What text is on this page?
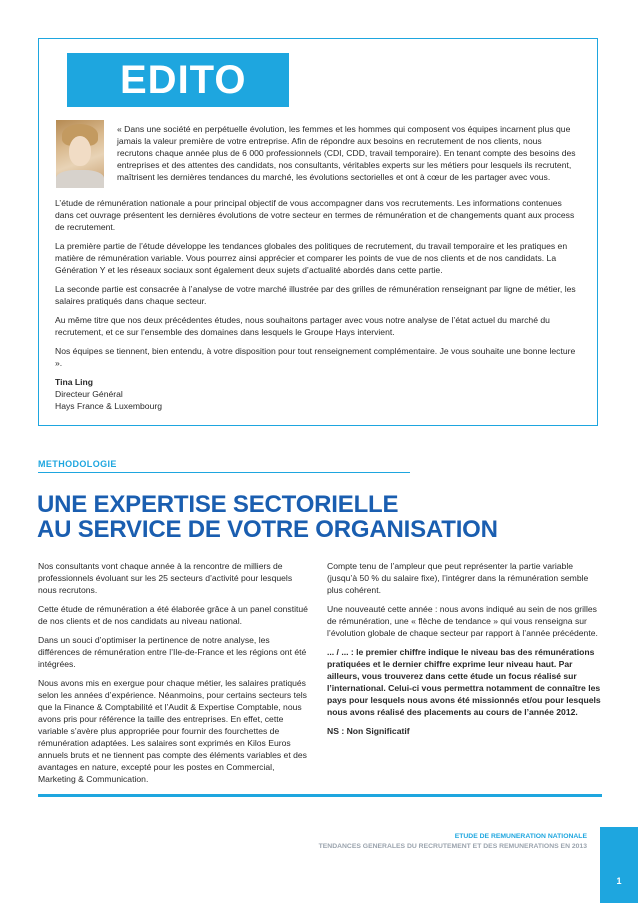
EDITO
« Dans une société en perpétuelle évolution, les femmes et les hommes qui composent vos équipes incarnent plus que jamais la valeur première de votre entreprise. Afin de répondre aux besoins en recrutement de nos clients, nous recrutons chaque année plus de 6 000 professionnels (CDI, CDD, travail temporaire). En tenant compte des besoins des entreprises et des attentes des candidats, nos consultants, véritables experts sur les métiers pour lesquels ils recrutent, maîtrisent les dernières tendances du marché, les évolutions sectorielles et ont à cœur de les partager avec vous.

L’étude de rémunération nationale a pour principal objectif de vous accompagner dans vos recrutements. Les informations contenues dans cet ouvrage présentent les dernières évolutions de votre secteur en termes de rémunération et de changements quant aux process de recrutement.

La première partie de l’étude développe les tendances globales des politiques de recrutement, du travail temporaire et les pratiques en matière de rémunération variable. Vous pourrez ainsi apprécier et comparer les points de vue de nos clients et de nos candidats. La Génération Y et les réseaux sociaux sont également deux sujets d’actualité abordés dans cette partie.

La seconde partie est consacrée à l’analyse de votre marché illustrée par des grilles de rémunération renseignant par ligne de métier, les salaires pratiqués dans chaque secteur.

Au même titre que nos deux précédentes études, nous souhaitons partager avec vous notre analyse de l’état actuel du marché du recrutement, et ce sur l’ensemble des domaines dans lesquels le Groupe Hays intervient.

Nos équipes se tiennent, bien entendu, à votre disposition pour tout renseignement complémentaire. Je vous souhaite une bonne lecture ».

Tina Ling
Directeur Général
Hays France & Luxembourg
METHODOLOGIE
UNE EXPERTISE SECTORIELLE
AU SERVICE DE VOTRE ORGANISATION

Nos consultants vont chaque année à la rencontre de milliers de professionnels évoluant sur les 25 secteurs d’activité pour lesquels nous recrutons.

Cette étude de rémunération a été élaborée grâce à un panel constitué de nos clients et de nos candidats au niveau national.

Dans un souci d’optimiser la pertinence de notre analyse, les différences de rémunération entre l’Ile-de-France et les régions ont été intégrées.

Nous avons mis en exergue pour chaque métier, les salaires pratiqués selon les années d’expérience. Néanmoins, pour certains secteurs tels que la Finance & Comptabilité et l’Audit & Expertise Comptable, nous avons pris pour référence la taille des entreprises. En effet, cette variable s’avère plus appropriée pour fournir des fourchettes de rémunération adaptées. Les salaires sont exprimés en Kilos Euros annuels bruts et ne tiennent pas compte des éléments variables et des avantages en nature, excepté pour les postes en Commercial, Marketing & Communication.

Compte tenu de l’ampleur que peut représenter la partie variable (jusqu’à 50 % du salaire fixe), l’intégrer dans la rémunération semble plus cohérent.

Une nouveauté cette année : nous avons indiqué au sein de nos grilles de rémunération, une « flèche de tendance » qui vous renseigna sur l’évolution globale de chaque secteur par rapport à l’année précédente.

... / ... : le premier chiffre indique le niveau bas des rémunérations pratiquées et le dernier chiffre exprime leur niveau haut. Par ailleurs, vous trouverez dans cette étude un focus réalisé sur l’international. Celui-ci vous permettra notamment de connaître les pays pour lesquels nous avons été missionnés et/ou pour lesquels nous avons réalisé des placements au cours de l’année 2012.

NS : Non Significatif

ETUDE DE REMUNERATION NATIONALE
TENDANCES GENERALES DU RECRUTEMENT ET DES REMUNERATIONS EN 2013
1
